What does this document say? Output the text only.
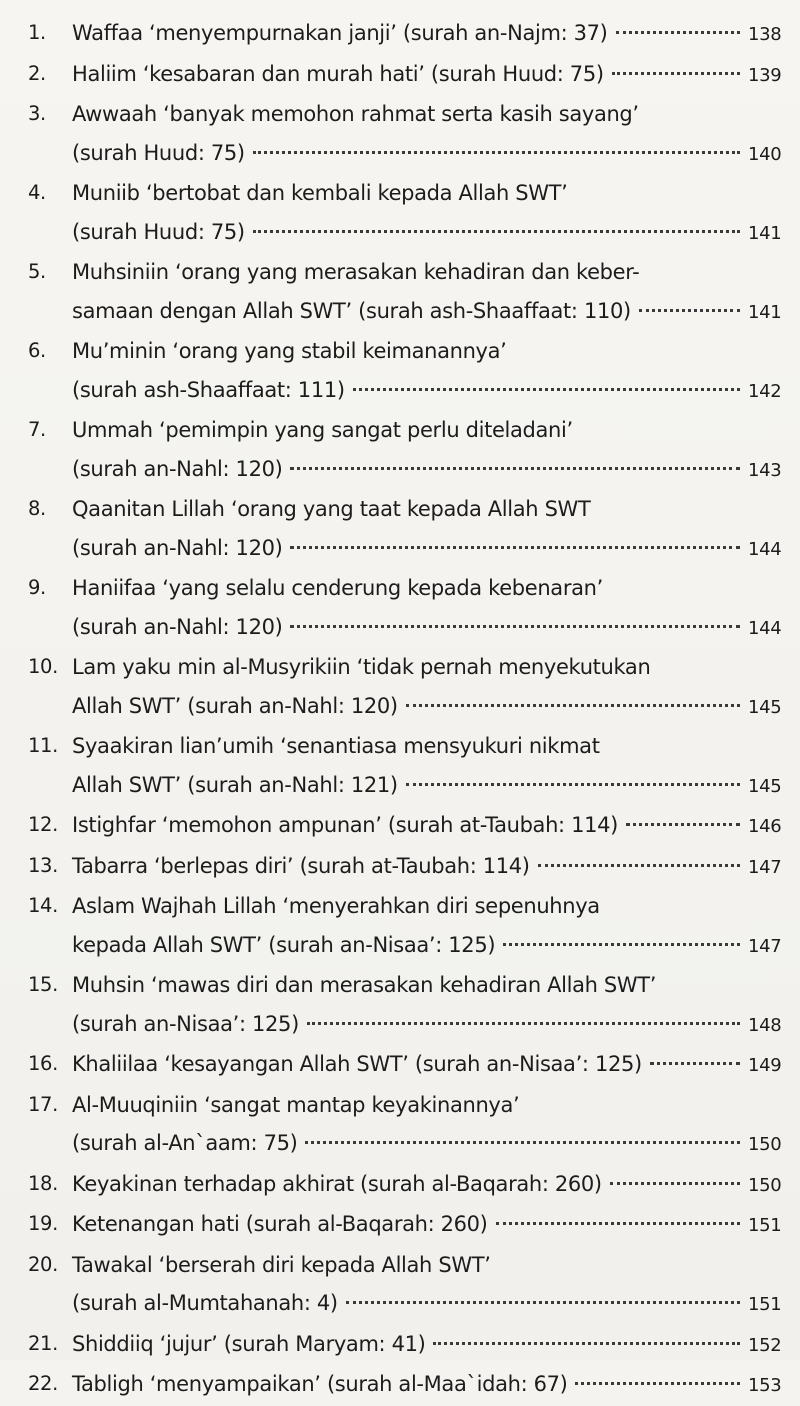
1.	Waffaa ‘menyempurnakan janji’ (surah an-Najm: 37)	138
2.	Haliim ‘kesabaran dan murah hati’ (surah Huud: 75)	139
3.	Awwaah ‘banyak memohon rahmat serta kasih sayang’
(surah Huud: 75)	140
4.	Muniib ‘bertobat dan kembali kepada Allah SWT’
(surah Huud: 75)	141
5.	Muhsiniin ‘orang yang merasakan kehadiran dan keber-
samaan dengan Allah SWT’ (surah ash-Shaaffaat: 110)	141
6.	Mu’minin ‘orang yang stabil keimanannya’
(surah ash-Shaaffaat: 111)	142
7.	Ummah ‘pemimpin yang sangat perlu diteladani’
(surah an-Nahl: 120)	143
8.	Qaanitan Lillah ‘orang yang taat kepada Allah SWT
(surah an-Nahl: 120)	144
9.	Haniifaa ‘yang selalu cenderung kepada kebenaran’
(surah an-Nahl: 120)	144
10. Lam yaku min al-Musyrikiin ‘tidak pernah menyekutukan
Allah SWT’ (surah an-Nahl: 120)	145
11. Syaakiran lian’umih ‘senantiasa mensyukuri nikmat
Allah SWT’ (surah an-Nahl: 121)	145
12. Istighfar ‘memohon ampunan’ (surah at-Taubah: 114)	146
13. Tabarra ‘berlepas diri’ (surah at-Taubah: 114)	147
14. Aslam Wajhah Lillah ‘menyerahkan diri sepenuhnya
kepada Allah SWT’ (surah an-Nisaa’: 125)	147
15. Muhsin ‘mawas diri dan merasakan kehadiran Allah SWT’
(surah an-Nisaa’: 125)	148
16. Khaliilaa ‘kesayangan Allah SWT’ (surah an-Nisaa’: 125)	149
17. Al-Muuqiniin ‘sangat mantap keyakinannya’
(surah al-An`aam: 75)	150
18. Keyakinan terhadap akhirat (surah al-Baqarah: 260)	150
19. Ketenangan hati (surah al-Baqarah: 260)	151
20. Tawakal ‘berserah diri kepada Allah SWT’
(surah al-Mumtahanah: 4)	151
21. Shiddiiq ‘jujur’ (surah Maryam: 41)	152
22. Tabligh ‘menyampaikan’ (surah al-Maa`idah: 67)	153
